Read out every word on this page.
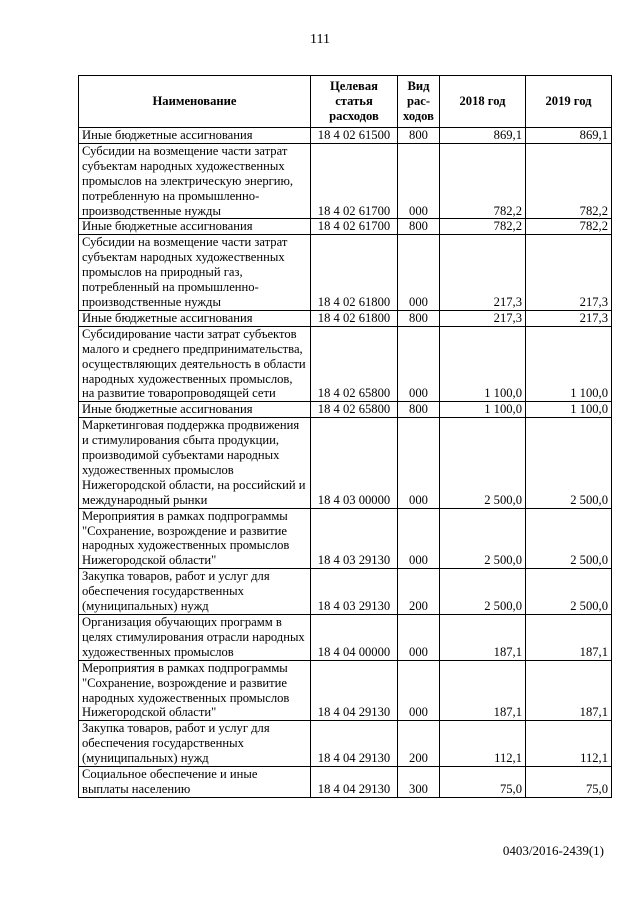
111
Наименование	Целевая статья расходов	Вид рас-ходов	2018 год	2019 год
Иные бюджетные ассигнования	18 4 02 61500	800	869,1	869,1
Субсидии на возмещение части затрат субъектам народных художественных промыслов на электрическую энергию, потребленную на промышленно-производственные нужды	18 4 02 61700	000	782,2	782,2
Иные бюджетные ассигнования	18 4 02 61700	800	782,2	782,2
Субсидии на возмещение части затрат субъектам народных художественных промыслов на природный газ, потребленный на промышленно-производственные нужды	18 4 02 61800	000	217,3	217,3
Иные бюджетные ассигнования	18 4 02 61800	800	217,3	217,3
Субсидирование части затрат субъектов малого и среднего предпринимательства, осуществляющих деятельность в области народных художественных промыслов, на развитие товаропроводящей сети	18 4 02 65800	000	1 100,0	1 100,0
Иные бюджетные ассигнования	18 4 02 65800	800	1 100,0	1 100,0
Маркетинговая поддержка продвижения и стимулирования сбыта продукции, производимой субъектами народных художественных промыслов Нижегородской области, на российский и международный рынки	18 4 03 00000	000	2 500,0	2 500,0
Мероприятия в рамках подпрограммы "Сохранение, возрождение и развитие народных художественных промыслов Нижегородской области"	18 4 03 29130	000	2 500,0	2 500,0
Закупка товаров, работ и услуг для обеспечения государственных (муниципальных) нужд	18 4 03 29130	200	2 500,0	2 500,0
Организация обучающих программ в целях стимулирования отрасли народных художественных промыслов	18 4 04 00000	000	187,1	187,1
Мероприятия в рамках подпрограммы "Сохранение, возрождение и развитие народных художественных промыслов Нижегородской области"	18 4 04 29130	000	187,1	187,1
Закупка товаров, работ и услуг для обеспечения государственных (муниципальных) нужд	18 4 04 29130	200	112,1	112,1
Социальное обеспечение и иные выплаты населению	18 4 04 29130	300	75,0	75,0
0403/2016-2439(1)
